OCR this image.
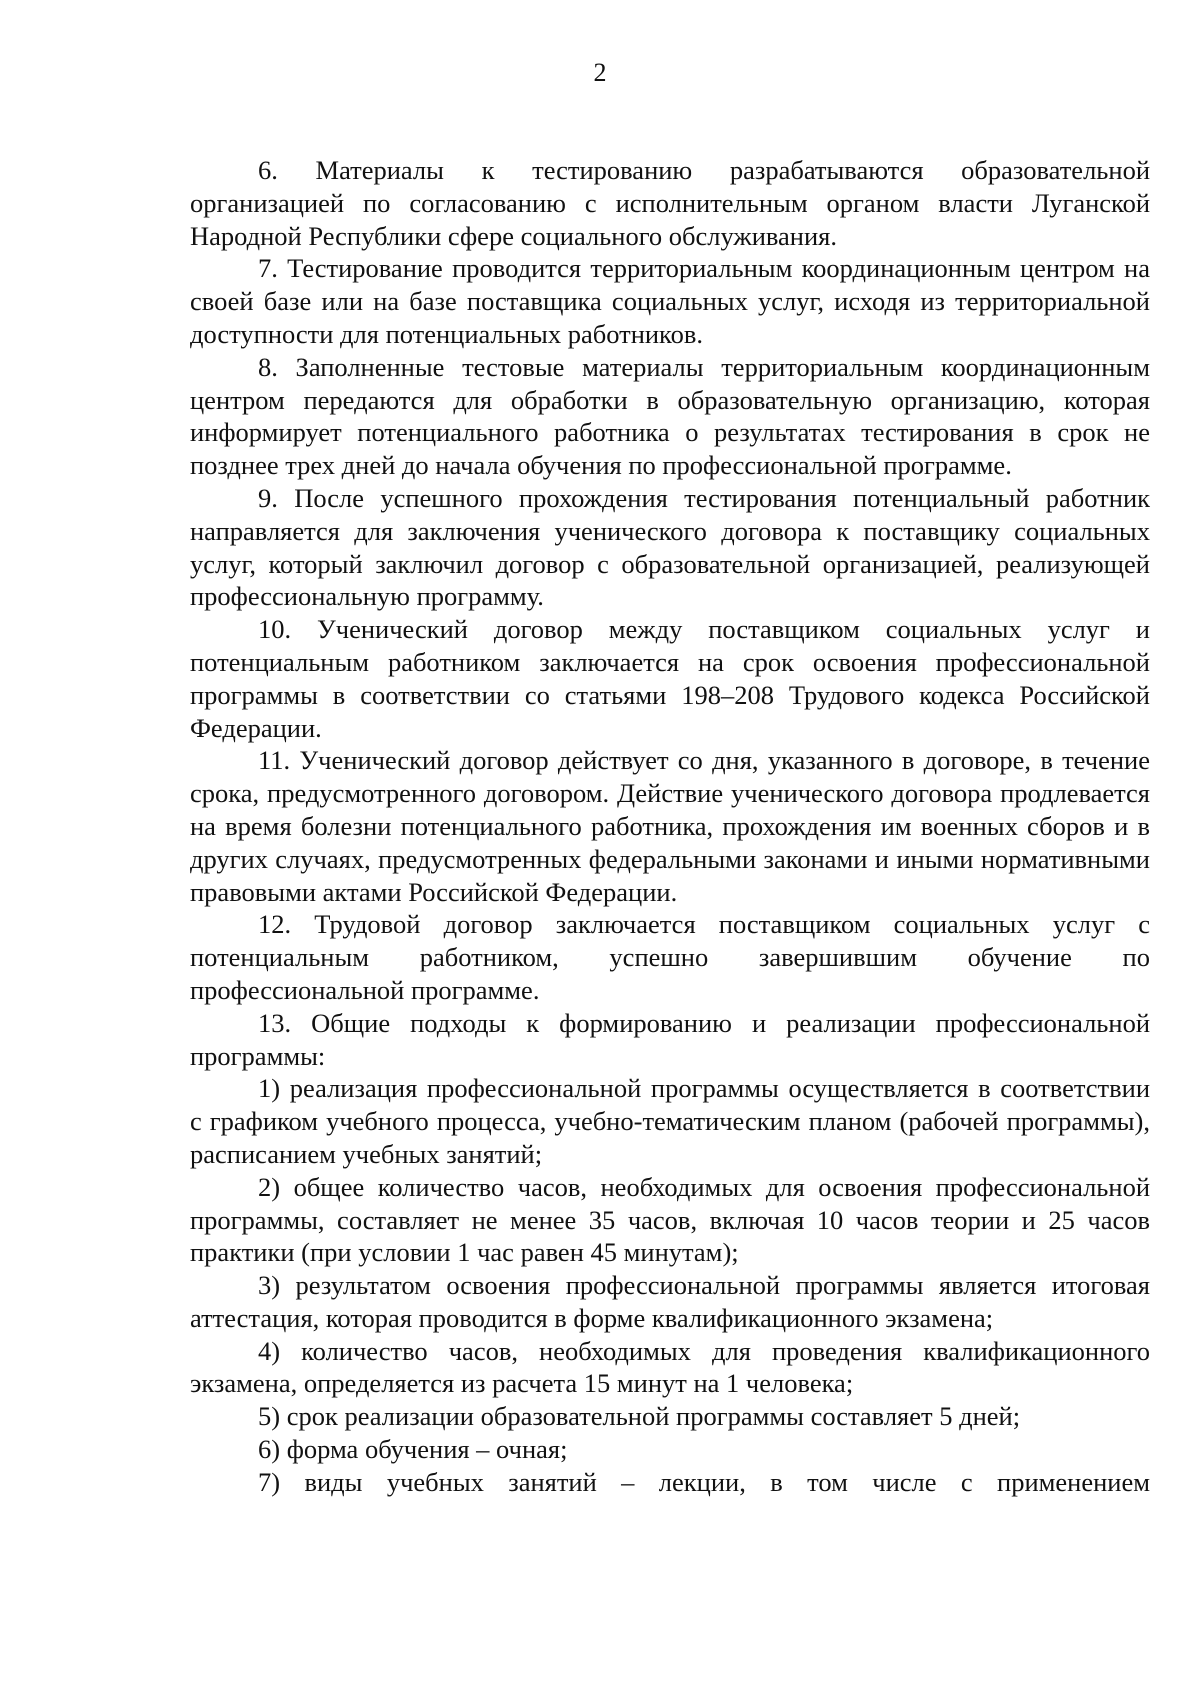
2

6. Материалы к тестированию разрабатываются образовательной организацией по согласованию с исполнительным органом власти Луганской Народной Республики сфере социального обслуживания.

7. Тестирование проводится территориальным координационным центром на своей базе или на базе поставщика социальных услуг, исходя из территориальной доступности для потенциальных работников.

8. Заполненные тестовые материалы территориальным координационным центром передаются для обработки в образовательную организацию, которая информирует потенциального работника о результатах тестирования в срок не позднее трех дней до начала обучения по профессиональной программе.

9. После успешного прохождения тестирования потенциальный работник направляется для заключения ученического договора к поставщику социальных услуг, который заключил договор с образовательной организацией, реализующей профессиональную программу.

10. Ученический договор между поставщиком социальных услуг и потенциальным работником заключается на срок освоения профессиональной программы в соответствии со статьями 198–208 Трудового кодекса Российской Федерации.

11. Ученический договор действует со дня, указанного в договоре, в течение срока, предусмотренного договором. Действие ученического договора продлевается на время болезни потенциального работника, прохождения им военных сборов и в других случаях, предусмотренных федеральными законами и иными нормативными правовыми актами Российской Федерации.

12. Трудовой договор заключается поставщиком социальных услуг с потенциальным работником, успешно завершившим обучение по профессиональной программе.

13. Общие подходы к формированию и реализации профессиональной программы:

1) реализация профессиональной программы осуществляется в соответствии с графиком учебного процесса, учебно-тематическим планом (рабочей программы), расписанием учебных занятий;

2) общее количество часов, необходимых для освоения профессиональной программы, составляет не менее 35 часов, включая 10 часов теории и 25 часов практики (при условии 1 час равен 45 минутам);

3) результатом освоения профессиональной программы является итоговая аттестация, которая проводится в форме квалификационного экзамена;

4) количество часов, необходимых для проведения квалификационного экзамена, определяется из расчета 15 минут на 1 человека;

5) срок реализации образовательной программы составляет 5 дней;

6) форма обучения – очная;

7) виды учебных занятий – лекции, в том числе с применением
